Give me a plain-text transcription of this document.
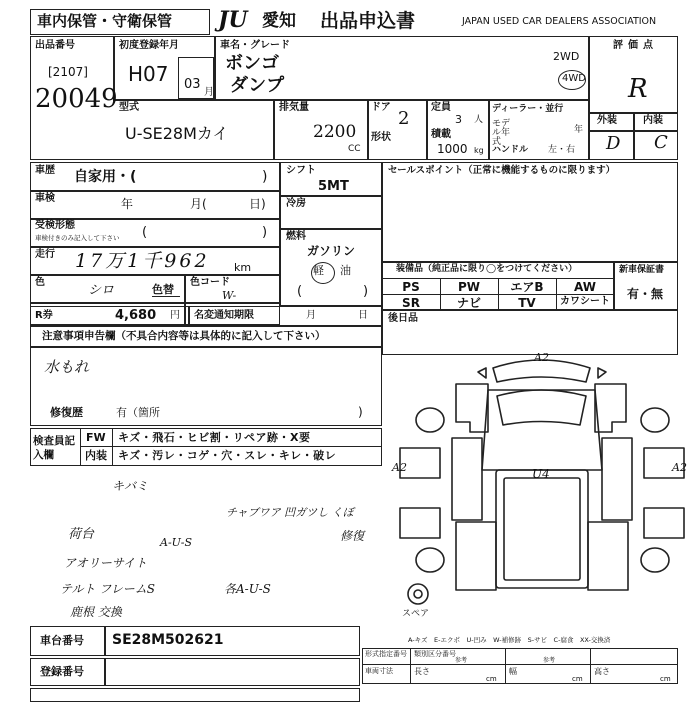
車内保管・守衛保管 JU 愛知 出品申込書	JAPAN USED CAR DEALERS ASSOCIATION
出品番号
[2107]
20049
初度登録年月
H07 03
月
車名・グレード
ボンゴ
ダンプ
2WD
4WD
評価点
R
外装	内装
D C
型式
U-SE28Mカイ
排気量
2200
CC
ドア
2
形状
定員
3 人
積載
1000 kg
ディーラー・並行
モデル年式
年
ハンドル 左・右
車歴 自家用・(	)
車検	年	月(	日)
受検形態
車検付きのみ記入して下さい (	)
走行 17万1千962 km
色
シロ	色替
色コード
W-
R券	4,680 円 名変通知期限	月	日
シフト
5MT
冷房
燃料
ガソリン
軽 油
(	)
セールスポイント（正常に機能するものに限ります）
装備品（純正品に限り◯をつけてください）
PS	PW	エアB	AW
SR	ナビ	TV	カワシート
新車保証書
有・無
後日品
注意事項申告欄（不具合内容等は具体的に記入して下さい）
水もれ
修復歴	有（箇所	)
検査員記入欄
FW キズ・飛石・ヒビ割・リペア跡・X要
内装 キズ・汚レ・コゲ・穴・スレ・キレ・破レ
キバミ
チャブワア 凹ガツし くぼ
荷台
アオリーサイト
テルト フレームS
鹿根 交換
A-U-S	修復
各A-U-S
車台番号 SE28M502621
登録番号
形式指定番号　類別区分番号
参考	参考
車両寸法	長さ	幅	高さ
cm	cm	cm
A2
U4
A2	A2
スペア
A-キズ　E-エクボ　U-凹み　W-補修跡　S-サビ　C-腐食　XX-交換済
